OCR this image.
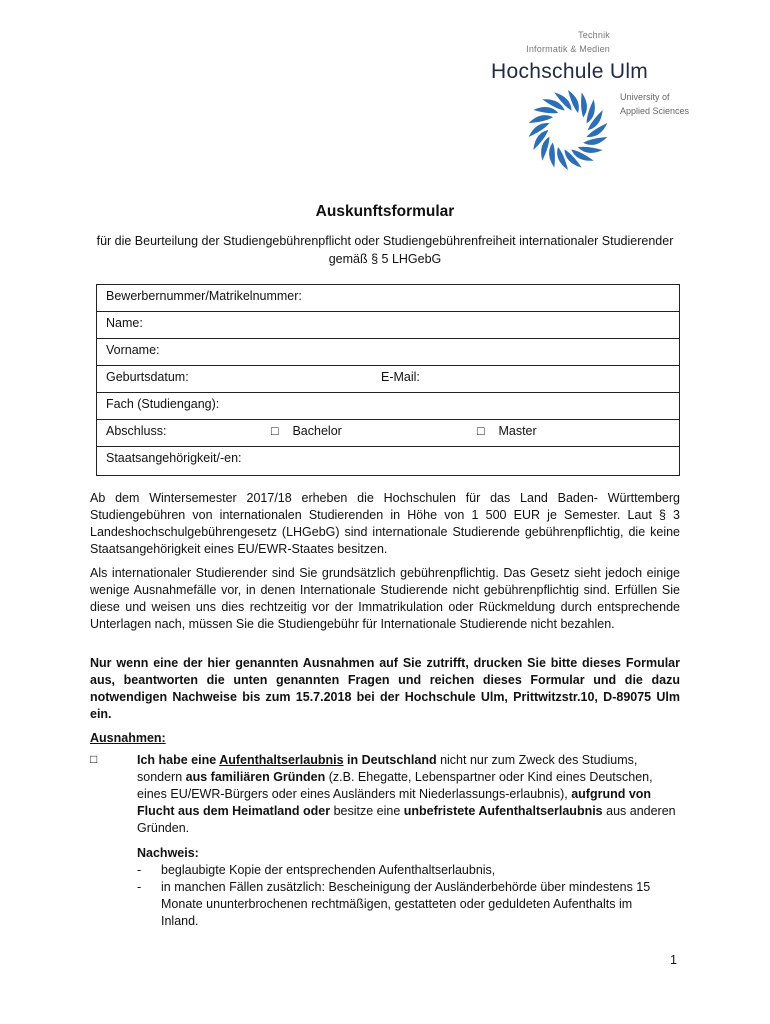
Technik
Informatik & Medien
Hochschule Ulm
University of
Applied Sciences
Auskunftsformular
für die Beurteilung der Studiengebührenpflicht oder Studiengebührenfreiheit internationaler Studierender gemäß § 5 LHGebG
Bewerbernummer/Matrikelnummer:
Name:
Vorname:
Geburtsdatum:	E-Mail:
Fach (Studiengang):
Abschluss:	□ Bachelor	□ Master
Staatsangehörigkeit/-en:
Ab dem Wintersemester 2017/18 erheben die Hochschulen für das Land Baden- Württemberg Studiengebühren von internationalen Studierenden in Höhe von 1 500 EUR je Semester. Laut § 3 Landeshochschulgebührengesetz (LHGebG) sind internationale Studierende gebührenpflichtig, die keine Staatsangehörigkeit eines EU/EWR-Staates besitzen.
Als internationaler Studierender sind Sie grundsätzlich gebührenpflichtig. Das Gesetz sieht jedoch einige wenige Ausnahmefälle vor, in denen Internationale Studierende nicht gebührenpflichtig sind. Erfüllen Sie diese und weisen uns dies rechtzeitig vor der Immatrikulation oder Rückmeldung durch entsprechende Unterlagen nach, müssen Sie die Studiengebühr für Internationale Studierende nicht bezahlen.
Nur wenn eine der hier genannten Ausnahmen auf Sie zutrifft, drucken Sie bitte dieses Formular aus, beantworten die unten genannten Fragen und reichen dieses Formular und die dazu notwendigen Nachweise bis zum 15.7.2018 bei der Hochschule Ulm, Prittwitzstr.10, D-89075 Ulm ein.
Ausnahmen:
□	Ich habe eine Aufenthaltserlaubnis in Deutschland nicht nur zum Zweck des Studiums, sondern aus familiären Gründen (z.B. Ehegatte, Lebenspartner oder Kind eines Deutschen, eines EU/EWR-Bürgers oder eines Ausländers mit Niederlassungs-erlaubnis), aufgrund von Flucht aus dem Heimatland oder besitze eine unbefristete Aufenthaltserlaubnis aus anderen Gründen.
Nachweis:
- beglaubigte Kopie der entsprechenden Aufenthaltserlaubnis,
- in manchen Fällen zusätzlich: Bescheinigung der Ausländerbehörde über mindestens 15 Monate ununterbrochenen rechtmäßigen, gestatteten oder geduldeten Aufenthalts im Inland.
1
